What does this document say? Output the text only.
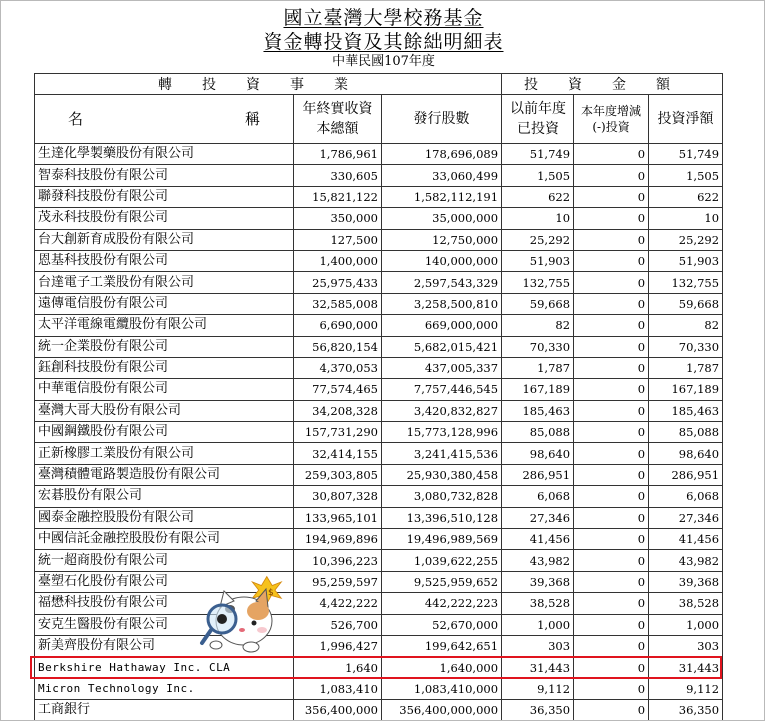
國立臺灣大學校務基金
資金轉投資及其餘絀明細表
中華民國107年度
轉投資事業			投資金額		

名 稱	年終實收資本總額	發行股數	以前年度已投資	本年度增減(-)投資	投資淨額
生達化學製藥股份有限公司	1,786,961	178,696,089	51,749	0	51,749
智泰科技股份有限公司	330,605	33,060,499	1,505	0	1,505
聯發科技股份有限公司	15,821,122	1,582,112,191	622	0	622
茂永科技股份有限公司	350,000	35,000,000	10	0	10
台大創新育成股份有限公司	127,500	12,750,000	25,292	0	25,292
恩基科技股份有限公司	1,400,000	140,000,000	51,903	0	51,903
台達電子工業股份有限公司	25,975,433	2,597,543,329	132,755	0	132,755
遠傳電信股份有限公司	32,585,008	3,258,500,810	59,668	0	59,668
太平洋電線電纜股份有限公司	6,690,000	669,000,000	82	0	82
統一企業股份有限公司	56,820,154	5,682,015,421	70,330	0	70,330
鈺創科技股份有限公司	4,370,053	437,005,337	1,787	0	1,787
中華電信股份有限公司	77,574,465	7,757,446,545	167,189	0	167,189
臺灣大哥大股份有限公司	34,208,328	3,420,832,827	185,463	0	185,463
中國鋼鐵股份有限公司	157,731,290	15,773,128,996	85,088	0	85,088
正新橡膠工業股份有限公司	32,414,155	3,241,415,536	98,640	0	98,640
臺灣積體電路製造股份有限公司	259,303,805	25,930,380,458	286,951	0	286,951
宏碁股份有限公司	30,807,328	3,080,732,828	6,068	0	6,068
國泰金融控股股份有限公司	133,965,101	13,396,510,128	27,346	0	27,346
中國信託金融控股股份有限公司	194,969,896	19,496,989,569	41,456	0	41,456
統一超商股份有限公司	10,396,223	1,039,622,255	43,982	0	43,982
臺塑石化股份有限公司	95,259,597	9,525,959,652	39,368	0	39,368
福懋科技股份有限公司	4,422,222	442,222,223	38,528	0	38,528
安克生醫股份有限公司	526,700	52,670,000	1,000	0	1,000
新美齊股份有限公司	1,996,427	199,642,651	303	0	303
Berkshire Hathaway Inc. CLA	1,640	1,640,000	31,443	0	31,443
Micron Technology Inc.	1,083,410	1,083,410,000	9,112	0	9,112
工商銀行	356,400,000	356,400,000,000	36,350	0	36,350
$
